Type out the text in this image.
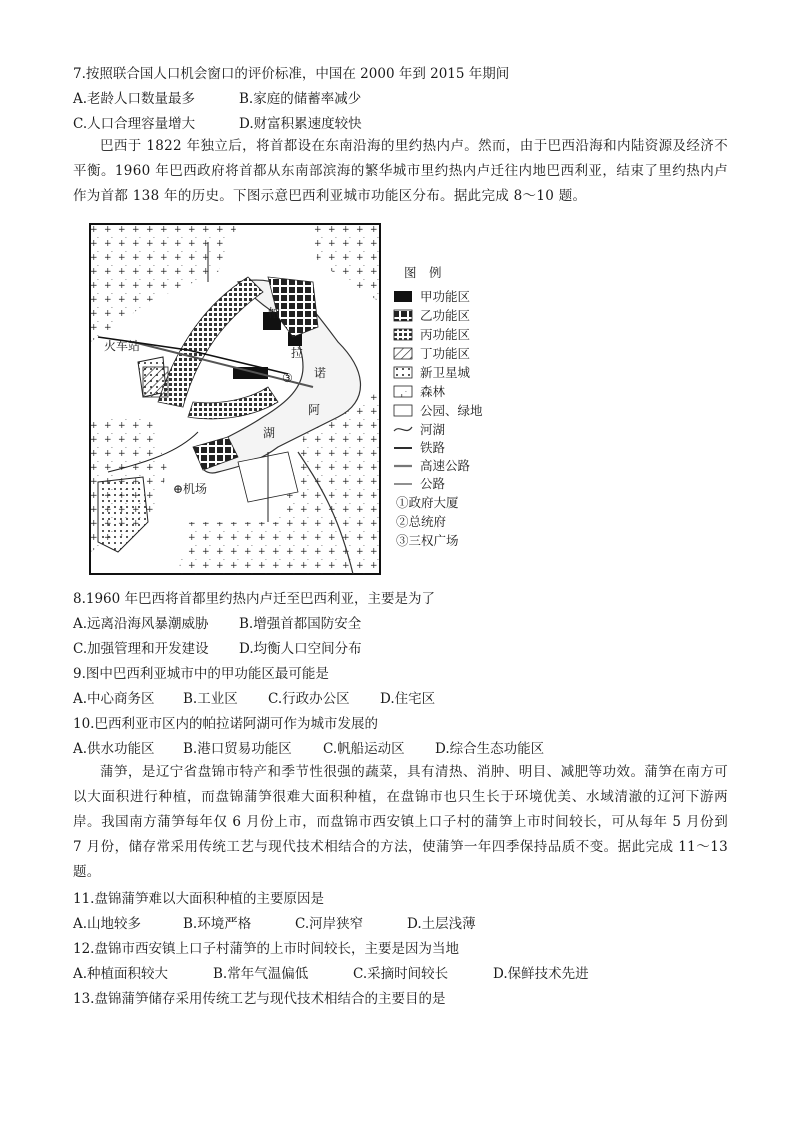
7.按照联合国人口机会窗口的评价标准，中国在 2000 年到 2015 年期间
A.老龄人口数量最多	B.家庭的储蓄率减少
C.人口合理容量增大	D.财富积累速度较快
巴西于 1822 年独立后，将首都设在东南沿海的里约热内卢。然而，由于巴西沿海和内陆资源及经济不平衡。1960 年巴西政府将首都从东南部滨海的繁华城市里约热内卢迁往内地巴西利亚，结束了里约热内卢作为首都 138 年的历史。下图示意巴西利亚城市功能区分布。据此完成 8～10 题。
火车站
⊕机场
帕
拉
诺
阿
湖
③
图　例
甲功能区
乙功能区
丙功能区
丁功能区
新卫星城
森林
公园、绿地
河湖
铁路
高速公路
公路
①政府大厦
②总统府
③三权广场
8.1960 年巴西将首都里约热内卢迁至巴西利亚，主要是为了
A.远离沿海风暴潮威胁 B.增强首都国防安全
C.加强管理和开发建设 D.均衡人口空间分布
9.图中巴西利亚城市中的甲功能区最可能是
A.中心商务区 B.工业区 C.行政办公区 D.住宅区
10.巴西利亚市区内的帕拉诺阿湖可作为城市发展的
A.供水功能区 B.港口贸易功能区 C.帆船运动区 D.综合生态功能区
蒲笋，是辽宁省盘锦市特产和季节性很强的蔬菜，具有清热、消肿、明目、减肥等功效。蒲笋在南方可以大面积进行种植，而盘锦蒲笋很难大面积种植，在盘锦市也只生长于环境优美、水域清澈的辽河下游两岸。我国南方蒲笋每年仅 6 月份上市，而盘锦市西安镇上口子村的蒲笋上市时间较长，可从每年 5 月份到 7 月份，储存常采用传统工艺与现代技术相结合的方法，使蒲笋一年四季保持品质不变。据此完成 11～13 题。
11.盘锦蒲笋难以大面积种植的主要原因是
A.山地较多	B.环境严格	C.河岸狭窄	D.土层浅薄
12.盘锦市西安镇上口子村蒲笋的上市时间较长，主要是因为当地
A.种植面积较大	B.常年气温偏低	C.采摘时间较长	D.保鲜技术先进
13.盘锦蒲笋储存采用传统工艺与现代技术相结合的主要目的是
